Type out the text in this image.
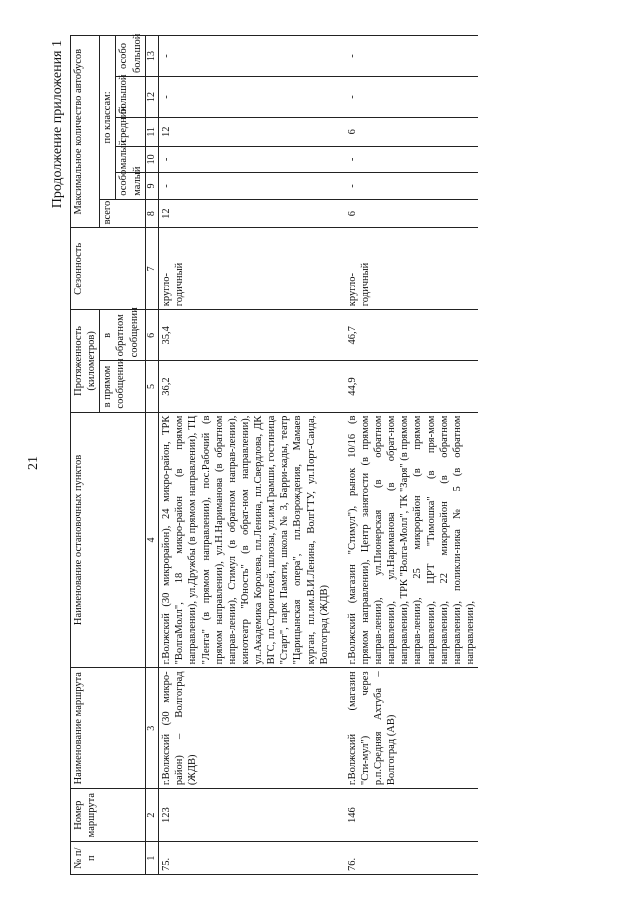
21
Продолжение приложения 1
№ п/п	Номер маршрута	Наименование маршрута	Наименование остановочных пунктов	Протяженность (километров)		Сезонность	Максимальное количество автобусов					
				в прямом сообщении	в обратном сообщении		всего	по классам:				
								особо малый	малый	средний	большой	особо большой
1	2	3	4	5	6	7	8	9	10	11	12	13
75.	123	г.Волжский (30 микро-район) – Волгоград (ЖДВ)	г.Волжский (30 микрорайон), 24 микро-район, ТРК "ВолгаМолл", 18 микро-район (в прямом направлении), ул.Дружбы (в прямом направлении), ТЦ "Лента" (в прямом направлении), пос.Рабочий (в прямом направлении), ул.Н.Нариманова (в обратном направ-лении), Стимул (в обратном направ-лении), кинотеатр "Юность" (в обрат-ном направлении), ул.Академика Королева, пл.Ленина, пл.Свердлова, ДК ВГС, пл.Строителей, шлюзы, ул.им.Грамши, гостиница "Старт", парк Памяти, школа № 3, Барри-кады, театр "Царицынская опера", пл.Возрождения, Мамаев курган, пл.им.В.И.Ленина, ВолгГТУ, ул.Порт-Саида, Волгоград (ЖДВ)	36,2	35,4	кругло-годичный	12	-	-	12	-	-
76.	146	г.Волжский (магазин "Сти-мул") через р.п.Средняя Ахтуба – Волгоград (АВ)	г.Волжский (магазин "Стимул"), рынок 10/16 (в прямом направлении), Центр занятости (в прямом направ-лении), ул.Пионерская (в обратном направлении), ул.Нариманова (в обрат-ном направлении), ТРК "Волга-Молл", ТК "Заря" (в прямом направ-лении), 25 микрорайон (в прямом направлении), ЦРТ "Тимошка" (в пря-мом направлении), 22 микрорайон (в обратном направлении), поликли-ника № 5 (в обратном направлении),	44,9	46,7	кругло-годичный	6	-	-	6	-	-
